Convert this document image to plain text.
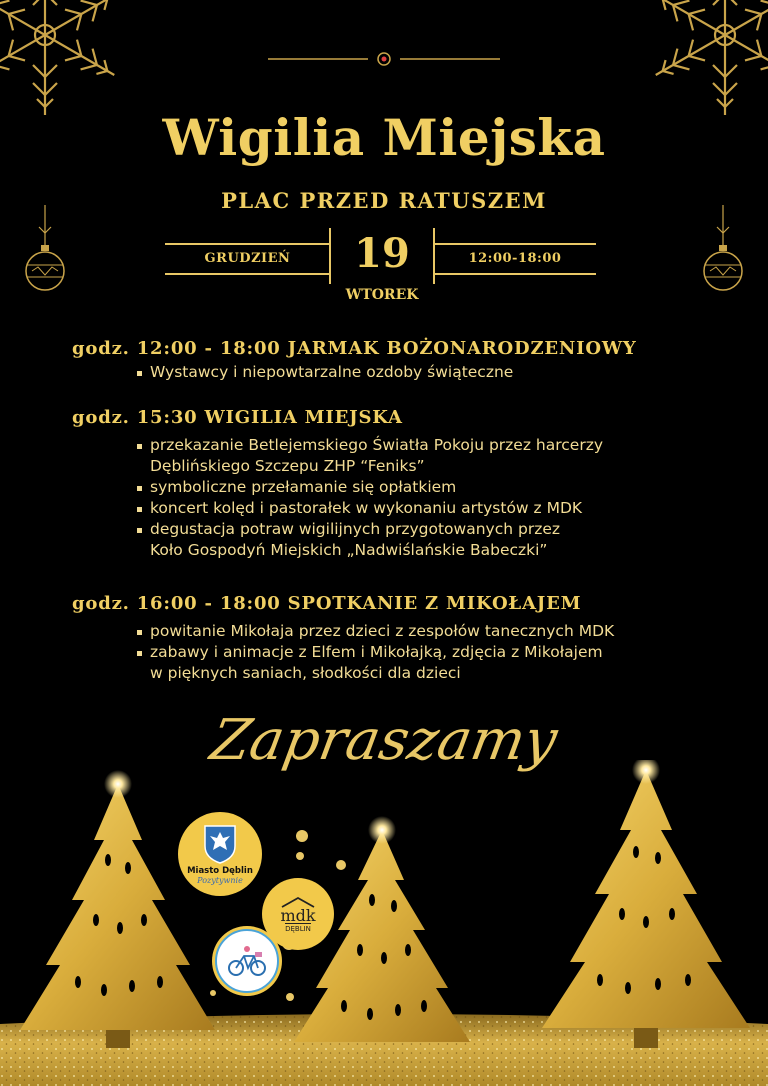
Wigilia Miejska
PLAC PRZED RATUSZEM
GRUDZIEŃ	19
WTOREK
12:00-18:00
godz. 12:00 - 18:00 JARMAK BOŻONARODZENIOWY
Wystawcy i niepowtarzalne ozdoby świąteczne
godz. 15:30 WIGILIA MIEJSKA
przekazanie Betlejemskiego Światła Pokoju przez harcerzy
Dęblińskiego Szczepu ZHP “Feniks”
symboliczne przełamanie się opłatkiem
koncert kolęd i pastorałek w wykonaniu artystów z MDK
degustacja potraw wigilijnych przygotowanych przez
Koło Gospodyń Miejskich „Nadwiślańskie Babeczki”
godz. 16:00 - 18:00 SPOTKANIE Z MIKOŁAJEM
powitanie Mikołaja przez dzieci z zespołów tanecznych MDK
zabawy i animacje z Elfem i Mikołajką, zdjęcia z Mikołajem
w pięknych saniach, słodkości dla dzieci
Zapraszamy
Miasto Dęblin
Pozytywnie
mdk
DĘBLIN
